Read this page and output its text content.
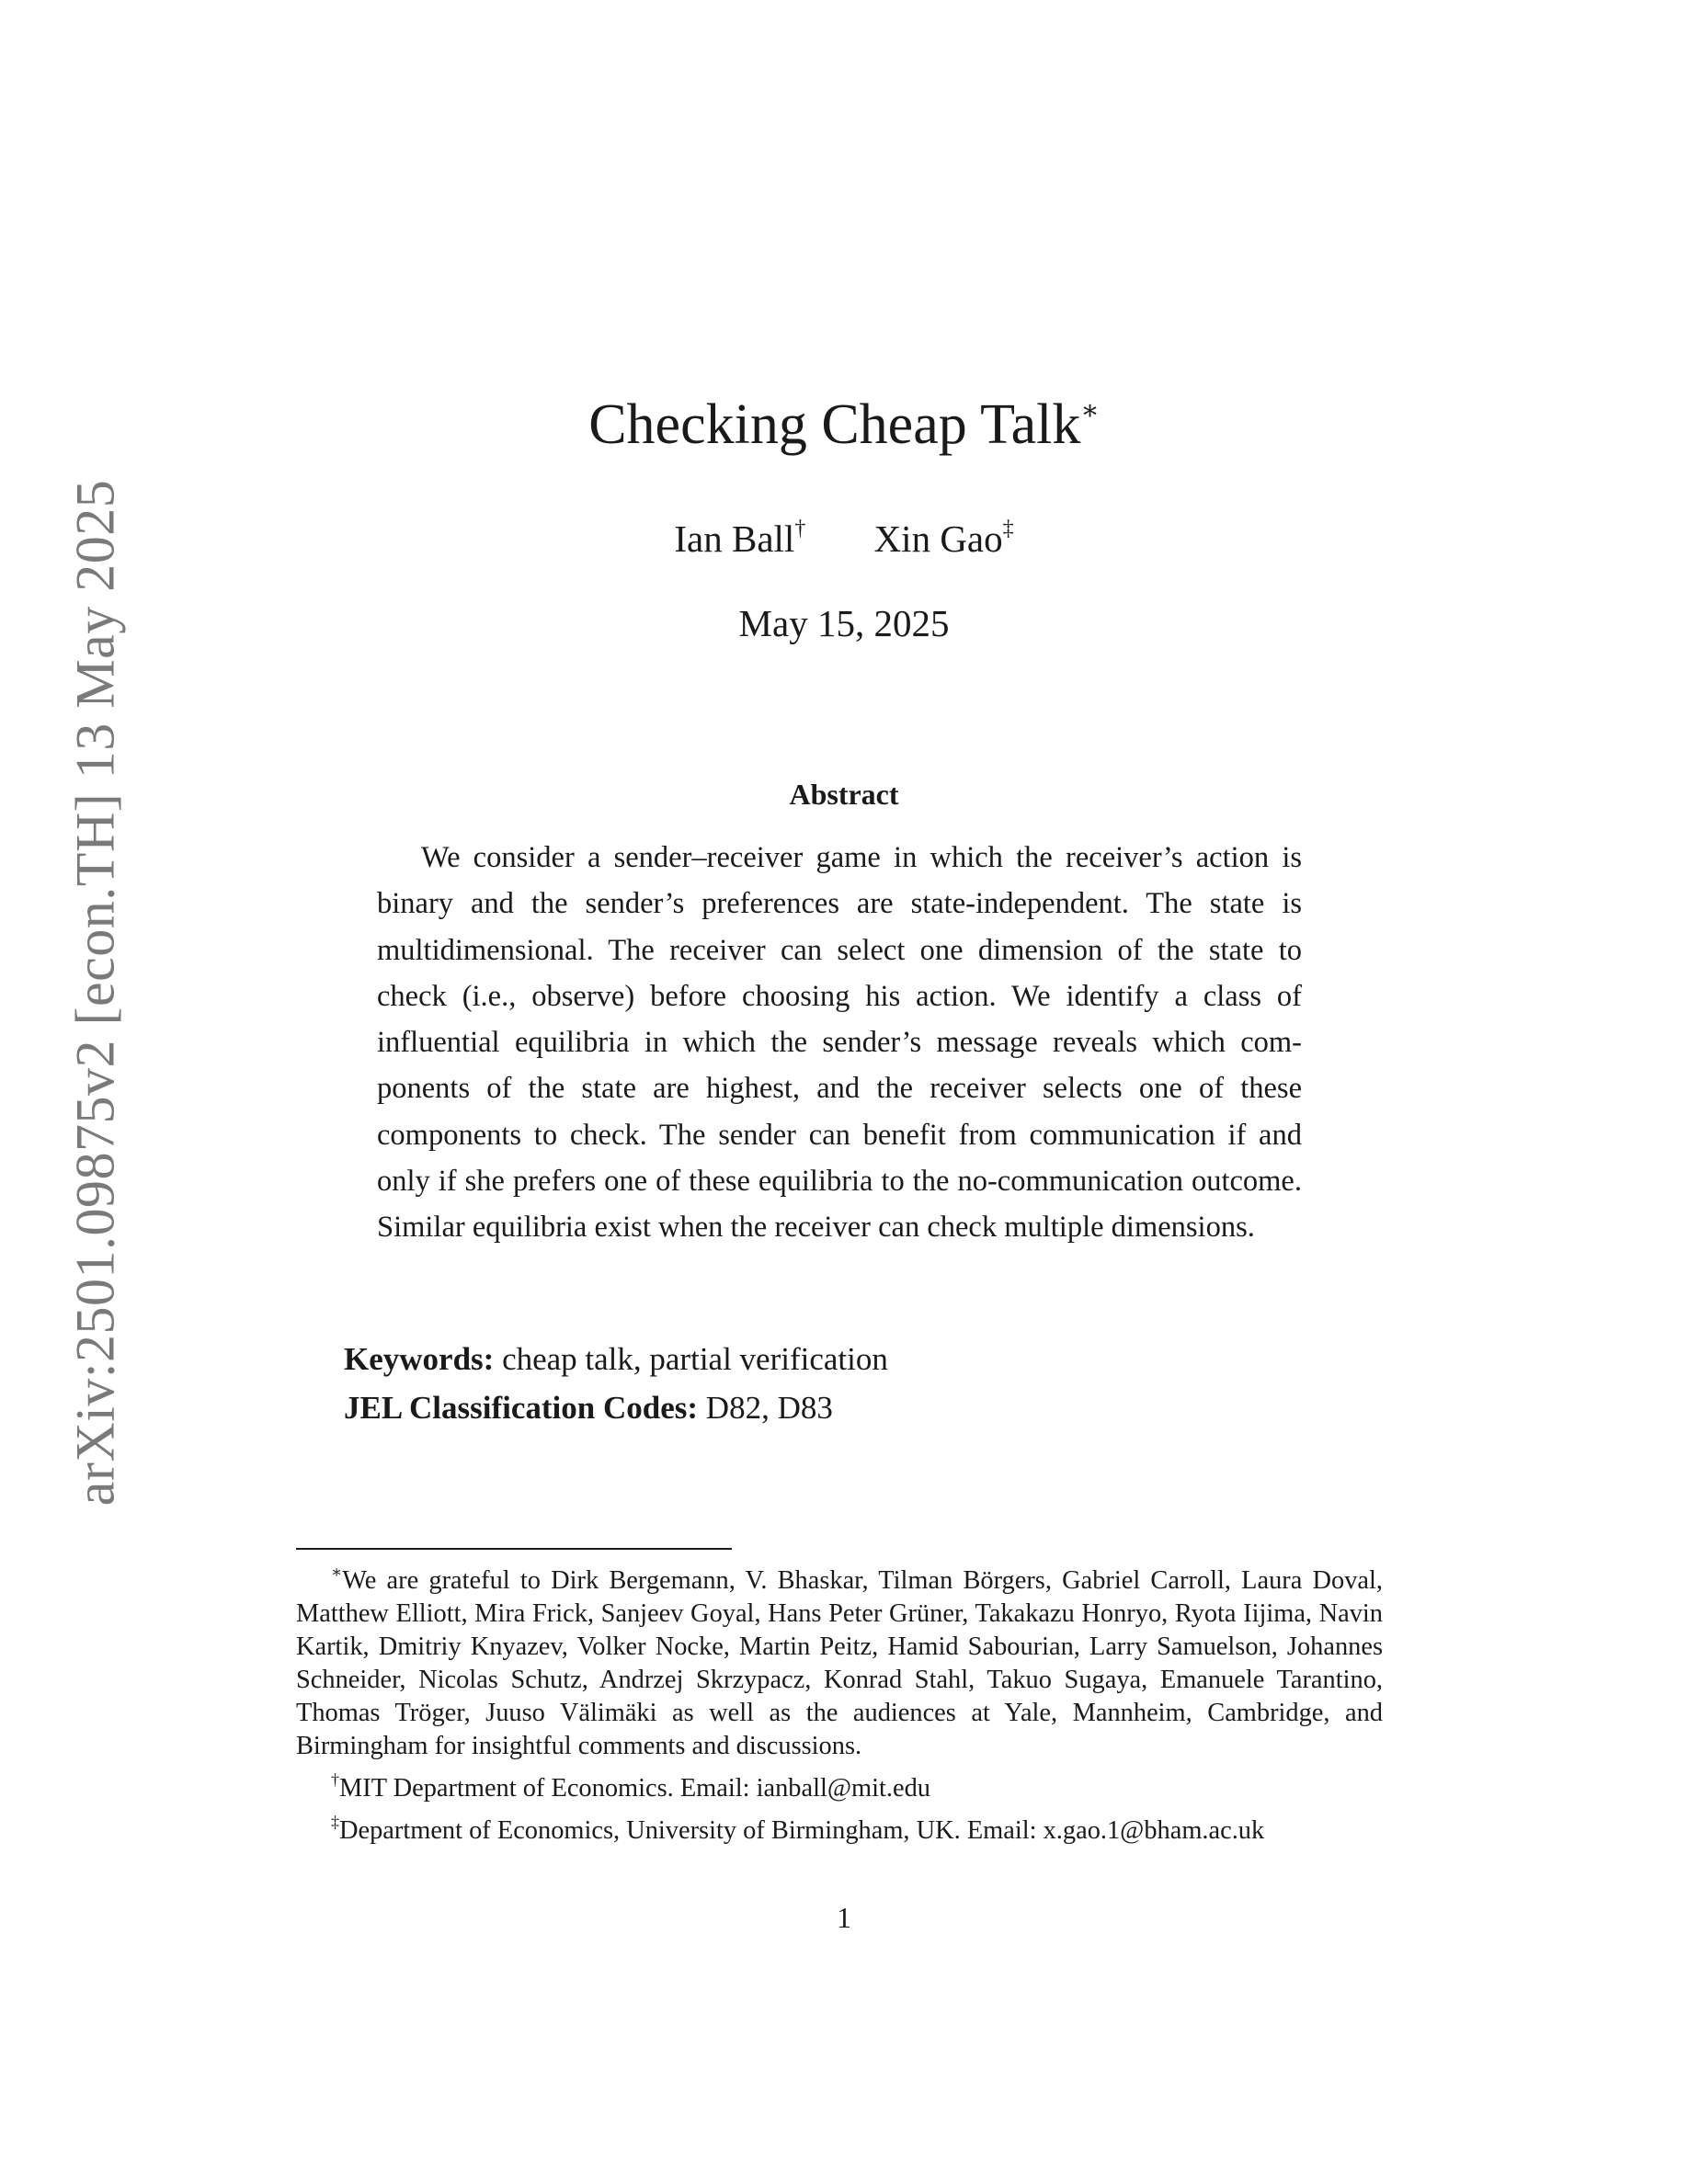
arXiv:2501.09875v2 [econ.TH] 13 May 2025
Checking Cheap Talk∗
Ian Ball† Xin Gao‡
May 15, 2025
Abstract
We consider a sender–receiver game in which the receiver’s action is binary and the sender’s preferences are state-independent. The state is multidimensional. The receiver can select one dimension of the state to check (i.e., observe) before choosing his action. We identify a class of influential equilibria in which the sender’s message reveals which components of the state are highest, and the receiver selects one of these components to check. The sender can benefit from communication if and only if she prefers one of these equilibria to the no-communication outcome. Similar equilibria exist when the receiver can check multiple dimensions.
Keywords: cheap talk, partial verification
JEL Classification Codes: D82, D83

∗We are grateful to Dirk Bergemann, V. Bhaskar, Tilman Börgers, Gabriel Carroll, Laura Doval, Matthew Elliott, Mira Frick, Sanjeev Goyal, Hans Peter Grüner, Takakazu Honryo, Ryota Iijima, Navin Kartik, Dmitriy Knyazev, Volker Nocke, Martin Peitz, Hamid Sabourian, Larry Samuelson, Johannes Schneider, Nicolas Schutz, Andrzej Skrzypacz, Konrad Stahl, Takuo Sugaya, Emanuele Tarantino, Thomas Tröger, Juuso Välimäki as well as the audiences at Yale, Mannheim, Cambridge, and Birmingham for insightful comments and discussions.

†MIT Department of Economics. Email: ianball@mit.edu

‡Department of Economics, University of Birmingham, UK. Email: x.gao.1@bham.ac.uk

1
